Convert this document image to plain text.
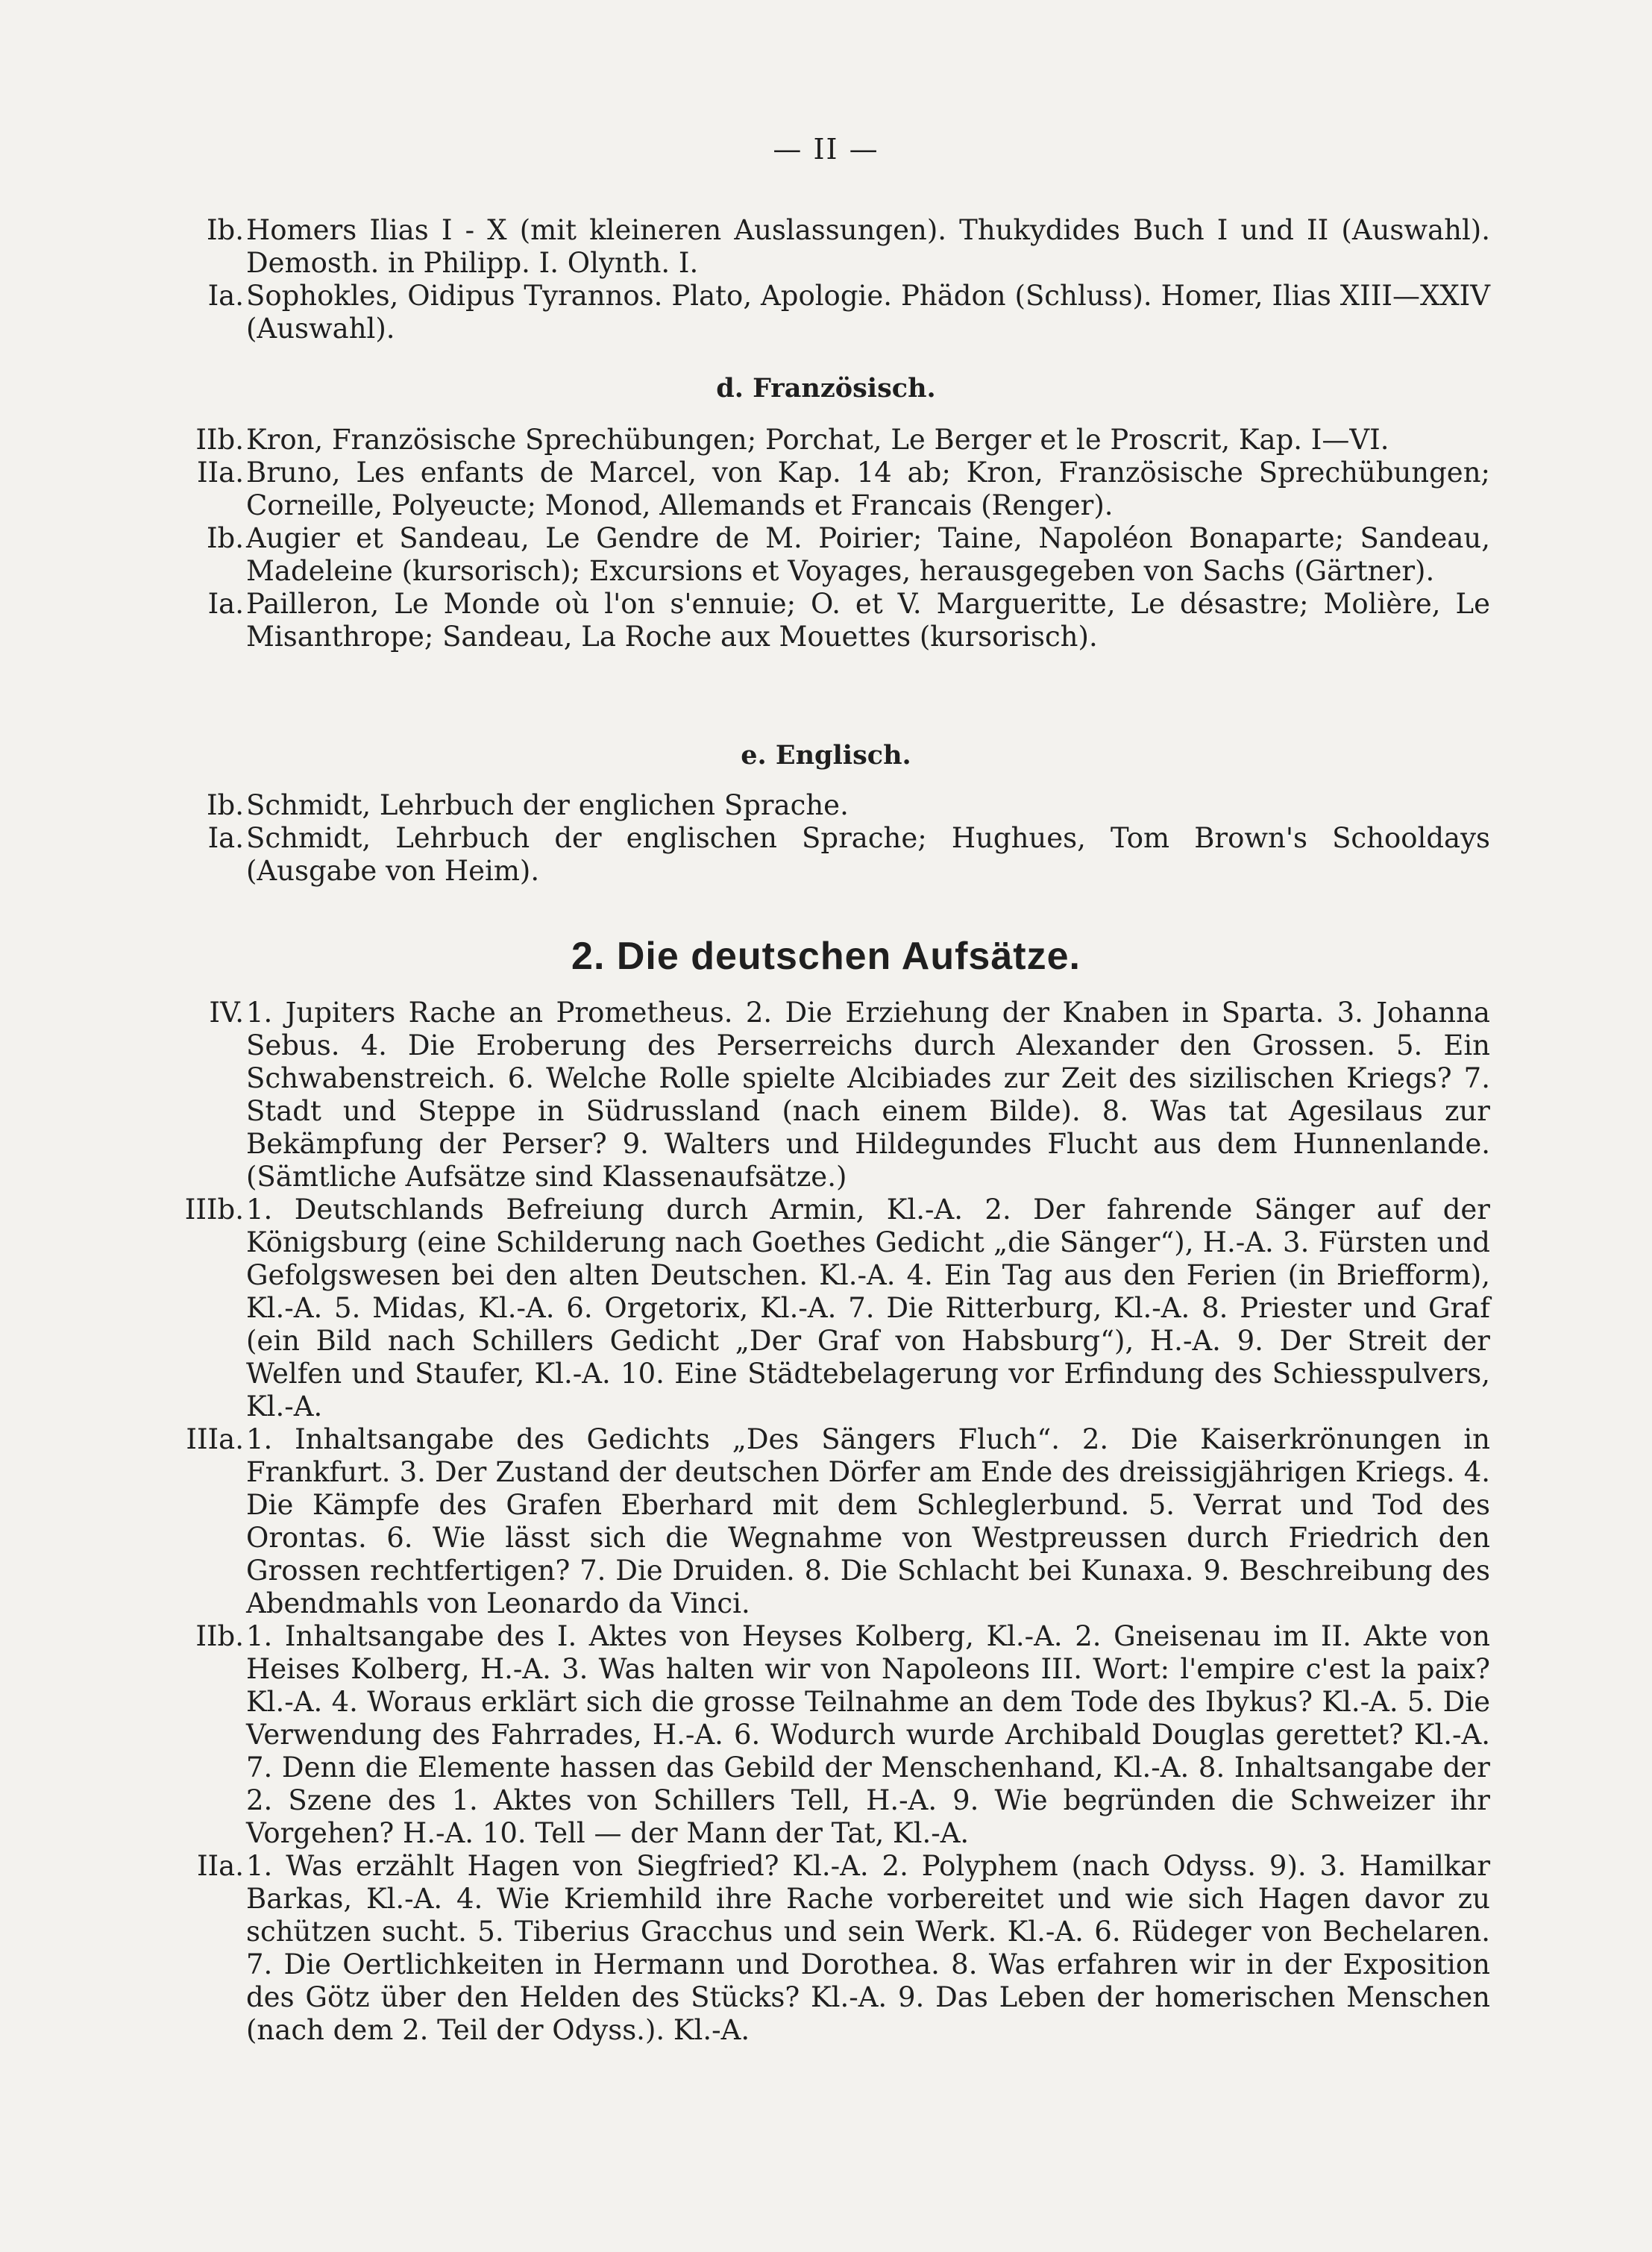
— II —
Ib. Homers Ilias I - X (mit kleineren Auslassungen). Thukydides Buch I und II (Auswahl). Demosth. in Philipp. I. Olynth. I.
Ia. Sophokles, Oidipus Tyrannos. Plato, Apologie. Phädon (Schluss). Homer, Ilias XIII—XXIV (Auswahl).
d. Französisch.
IIb. Kron, Französische Sprechübungen; Porchat, Le Berger et le Proscrit, Kap. I—VI.
IIa. Bruno, Les enfants de Marcel, von Kap. 14 ab; Kron, Französische Sprechübungen; Corneille, Polyeucte; Monod, Allemands et Francais (Renger).
Ib. Augier et Sandeau, Le Gendre de M. Poirier; Taine, Napoléon Bonaparte; Sandeau, Madeleine (kursorisch); Excursions et Voyages, herausgegeben von Sachs (Gärtner).
Ia. Pailleron, Le Monde où l'on s'ennuie; O. et V. Margueritte, Le désastre; Molière, Le Misanthrope; Sandeau, La Roche aux Mouettes (kursorisch).
e. Englisch.
Ib. Schmidt, Lehrbuch der englichen Sprache.
Ia. Schmidt, Lehrbuch der englischen Sprache; Hughues, Tom Brown's Schooldays (Ausgabe von Heim).
2. Die deutschen Aufsätze.
IV. 1. Jupiters Rache an Prometheus. 2. Die Erziehung der Knaben in Sparta. 3. Johanna Sebus. 4. Die Eroberung des Perserreichs durch Alexander den Grossen. 5. Ein Schwabenstreich. 6. Welche Rolle spielte Alcibiades zur Zeit des sizilischen Kriegs? 7. Stadt und Steppe in Südrussland (nach einem Bilde). 8. Was tat Agesilaus zur Bekämpfung der Perser? 9. Walters und Hildegundes Flucht aus dem Hunnenlande. (Sämtliche Aufsätze sind Klassenaufsätze.)
IIIb. 1. Deutschlands Befreiung durch Armin, Kl.-A. 2. Der fahrende Sänger auf der Königsburg (eine Schilderung nach Goethes Gedicht „die Sänger“), H.-A. 3. Fürsten und Gefolgswesen bei den alten Deutschen. Kl.-A. 4. Ein Tag aus den Ferien (in Briefform), Kl.-A. 5. Midas, Kl.-A. 6. Orgetorix, Kl.-A. 7. Die Ritterburg, Kl.-A. 8. Priester und Graf (ein Bild nach Schillers Gedicht „Der Graf von Habsburg“), H.-A. 9. Der Streit der Welfen und Staufer, Kl.-A. 10. Eine Städtebelagerung vor Erfindung des Schiesspulvers, Kl.-A.
IIIa. 1. Inhaltsangabe des Gedichts „Des Sängers Fluch“. 2. Die Kaiserkrönungen in Frankfurt. 3. Der Zustand der deutschen Dörfer am Ende des dreissigjährigen Kriegs. 4. Die Kämpfe des Grafen Eberhard mit dem Schleglerbund. 5. Verrat und Tod des Orontas. 6. Wie lässt sich die Wegnahme von Westpreussen durch Friedrich den Grossen rechtfertigen? 7. Die Druiden. 8. Die Schlacht bei Kunaxa. 9. Beschreibung des Abendmahls von Leonardo da Vinci.
IIb. 1. Inhaltsangabe des I. Aktes von Heyses Kolberg, Kl.-A. 2. Gneisenau im II. Akte von Heises Kolberg, H.-A. 3. Was halten wir von Napoleons III. Wort: l'empire c'est la paix? Kl.-A. 4. Woraus erklärt sich die grosse Teilnahme an dem Tode des Ibykus? Kl.-A. 5. Die Verwendung des Fahrrades, H.-A. 6. Wodurch wurde Archibald Douglas gerettet? Kl.-A. 7. Denn die Elemente hassen das Gebild der Menschenhand, Kl.-A. 8. Inhaltsangabe der 2. Szene des 1. Aktes von Schillers Tell, H.-A. 9. Wie begründen die Schweizer ihr Vorgehen? H.-A. 10. Tell — der Mann der Tat, Kl.-A.
IIa. 1. Was erzählt Hagen von Siegfried? Kl.-A. 2. Polyphem (nach Odyss. 9). 3. Hamilkar Barkas, Kl.-A. 4. Wie Kriemhild ihre Rache vorbereitet und wie sich Hagen davor zu schützen sucht. 5. Tiberius Gracchus und sein Werk. Kl.-A. 6. Rüdeger von Bechelaren. 7. Die Oertlichkeiten in Hermann und Dorothea. 8. Was erfahren wir in der Exposition des Götz über den Helden des Stücks? Kl.-A. 9. Das Leben der homerischen Menschen (nach dem 2. Teil der Odyss.). Kl.-A.
